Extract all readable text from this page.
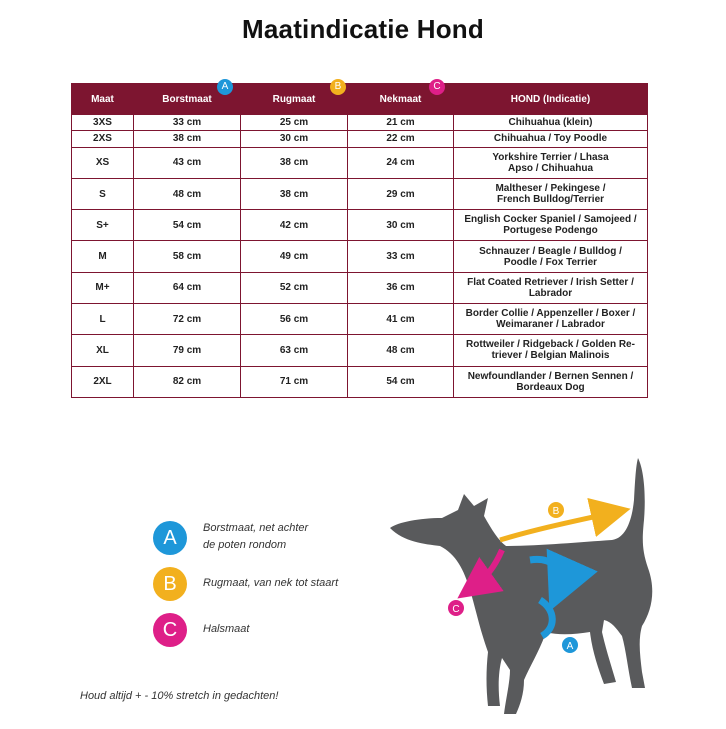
Maatindicatie Hond
Maat	Borstmaat	Rugmaat	Nekmaat	HOND (Indicatie)
3XS	33 cm	25 cm	21 cm	Chihuahua (klein)

2XS	38 cm	30 cm	22 cm	Chihuahua / Toy Poodle

XS	43 cm	38 cm	24 cm	Yorkshire Terrier / Lhasa
Apso / Chihuahua

S	48 cm	38 cm	29 cm	Maltheser / Pekingese /
French Bulldog/Terrier

S+	54 cm	42 cm	30 cm	English Cocker Spaniel / Samojeed /
Portugese Podengo

M	58 cm	49 cm	33 cm	Schnauzer / Beagle / Bulldog /
Poodle / Fox Terrier

M+	64 cm	52 cm	36 cm	Flat Coated Retriever / Irish Setter /
Labrador

L	72 cm	56 cm	41 cm	Border Collie / Appenzeller / Boxer /
Weimaraner / Labrador

XL	79 cm	63 cm	48 cm	Rottweiler / Ridgeback / Golden Re-
triever / Belgian Malinois

2XL	82 cm	71 cm	54 cm	Newfoundlander / Bernen Sennen /
Bordeaux Dog
A	B	C
A	Borstmaat, net achter
de poten rondom
B	Rugmaat, van nek tot staart
C	Halsmaat
Houd altijd + - 10% stretch in gedachten!
B
C
A
